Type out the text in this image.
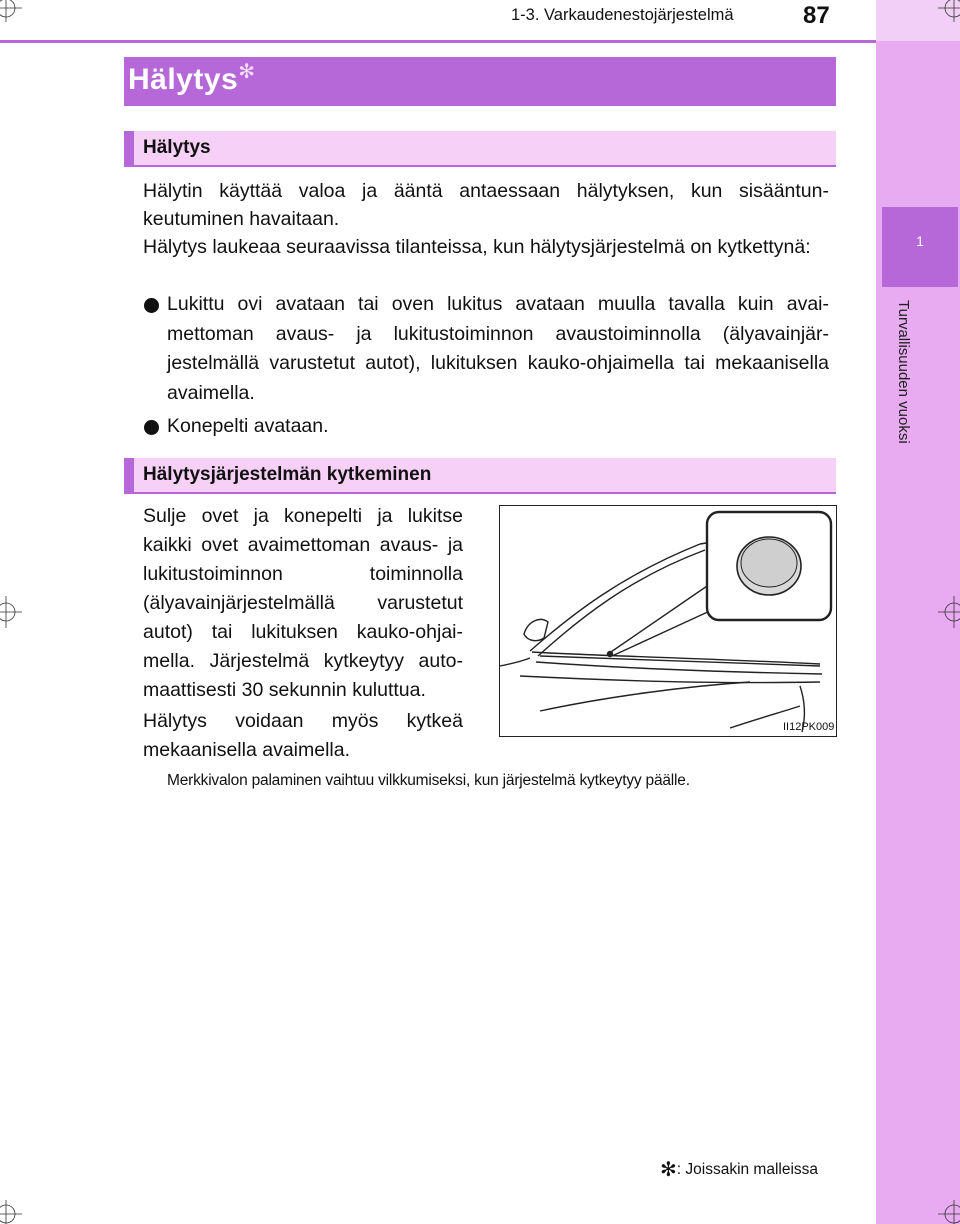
1
Turvallisuuden vuoksi
1-3. Varkaudenestojärjestelmä	87
Hälytys✻
Hälytys
Hälytin käyttää valoa ja ääntä antaessaan hälytyksen, kun sisääntun-keutuminen havaitaan.
Hälytys laukeaa seuraavissa tilanteissa, kun hälytysjärjestelmä on kytkettynä:
Lukittu ovi avataan tai oven lukitus avataan muulla tavalla kuin avai-mettoman avaus- ja lukitustoiminnon avaustoiminnolla (älyavainjär-jestelmällä varustetut autot), lukituksen kauko-ohjaimella tai mekaanisella avaimella.
Konepelti avataan.
Hälytysjärjestelmän kytkeminen
Sulje ovet ja konepelti ja lukitse kaikki ovet avaimettoman avaus- ja lukitustoiminnon toiminnolla (älyavainjärjestelmällä varustetut autot) tai lukituksen kauko-ohjai-mella. Järjestelmä kytkeytyy auto-maattisesti 30 sekunnin kuluttua.
Hälytys voidaan myös kytkeä mekaanisella avaimella.
Merkkivalon palaminen vaihtuu vilkkumiseksi, kun järjestelmä kytkeytyy päälle.
II12PK009
✻: Joissakin malleissa
